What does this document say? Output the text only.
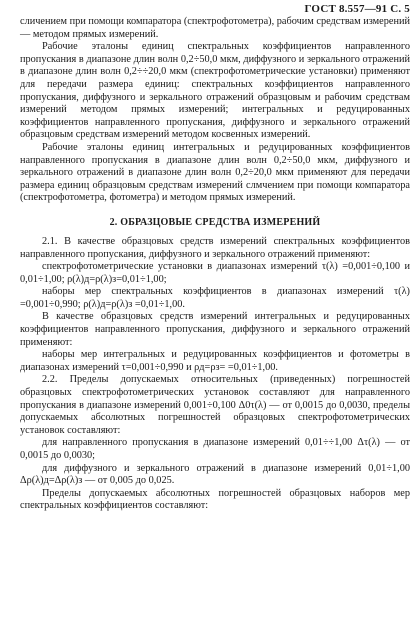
ГОСТ 8.557—91 С. 5

сличением при помощи компаратора (спектрофотометра), рабочим средствам измерений — методом прямых измерений.

Рабочие эталоны единиц спектральных коэффициентов направленного пропускания в диапазоне длин волн 0,2÷50,0 мкм, диффузного и зеркального отражений в диапазоне длин волн 0,2÷÷20,0 мкм (спектрофотометрические установки) применяют для передачи размера единиц: спектральных коэффициентов направленного пропускания, диффузного и зеркального отражений образцовым и рабочим средствам измерений методом прямых измерений; интегральных и редуцированных коэффициентов направленного пропускания, диффузного и зеркального отражений образцовым средствам измерений методом косвенных измерений.

Рабочие эталоны единиц интегральных и редуцированных коэффициентов направленного пропускания в диапазоне длин волн 0,2÷50,0 мкм, диффузного и зеркального отражений в диапазоне длин волн 0,2÷20,0 мкм применяют для передачи размера единиц образцовым средствам измерений слмчением при помощи компаратора (спектрофотометра, фотометра) и методом прямых измерений.

2. ОБРАЗЦОВЫЕ СРЕДСТВА ИЗМЕРЕНИЙ

2.1. В качестве образцовых средств измерений спектральных коэффициентов направленного пропускания, диффузного и зеркального отражений применяют:

спектрофотометрические установки в диапазонах измерений τ(λ) =0,001÷0,100 и 0,01÷1,00; ρ(λ)д=ρ(λ)з=0,01÷1,00;

наборы мер спектральных коэффициентов в диапазонах измерений τ(λ) =0,001÷0,990; ρ(λ)д=ρ(λ)з =0,01÷1,00.

В качестве образцовых средств измерений интегральных и редуцированных коэффициентов направленного пропускания, диффузного и зеркального отражений применяют:

наборы мер интегральных и редуцированных коэффициентов и фотометры в диапазонах измерений τ=0,001÷0,990 и ρд=ρз= =0,01÷1,00.

2.2. Пределы допускаемых относительных (приведенных) погрешностей образцовых спектрофотометрических установок составляют для направленного пропускания в диапазоне измерений 0,001÷0,100 Δ0τ(λ) — от 0,0015 до 0,0030, пределы допускаемых абсолютных погрешностей образцовых спектрофотометрических установок составляют:

для направленного пропускания в диапазоне измерений 0,01÷÷1,00 Δτ(λ) — от 0,0015 до 0,0030;

для диффузного и зеркального отражений в диапазоне измерений 0,01÷1,00 Δρ(λ)д=Δρ(λ)з — от 0,005 до 0,025.

Пределы допускаемых абсолютных погрешностей образцовых наборов мер спектральных коэффициентов составляют:
